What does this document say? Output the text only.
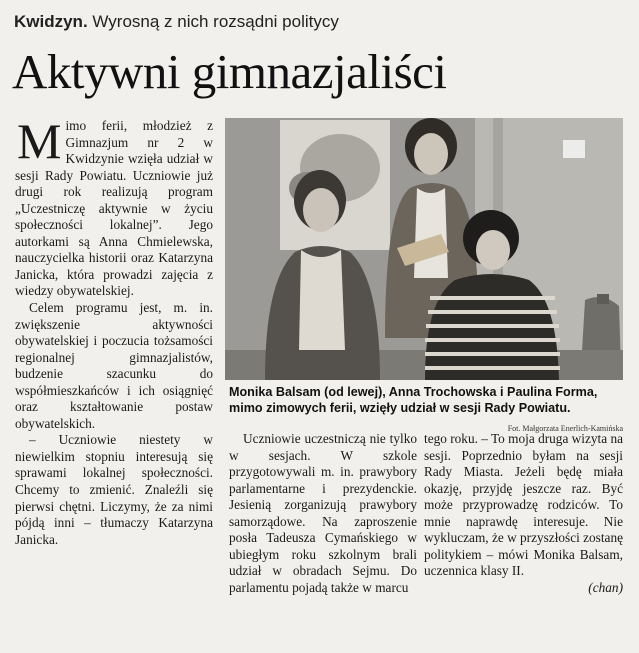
Kwidzyn. Wyrosną z nich rozsądni politycy
Aktywni gimnazjaliści

Mimo ferii, młodzież z Gimnazjum nr 2 w Kwidzynie wzięła udział w sesji Rady Powiatu. Uczniowie już drugi rok realizują program „Uczestniczę aktywnie w życiu społeczności lokalnej”. Jego autorkami są Anna Chmielewska, nauczycielka historii oraz Katarzyna Janicka, która prowadzi zajęcia z wiedzy obywatelskiej.

Celem programu jest, m. in. zwiększenie aktywności obywatelskiej i poczucia tożsamości regionalnej gimnazjalistów, budzenie szacunku do współmieszkańców i ich osiągnięć oraz kształtowanie postaw obywatelskich.

– Uczniowie niestety w niewielkim stopniu interesują się sprawami lokalnej społeczności. Chcemy to zmienić. Znaleźli się pierwsi chętni. Liczymy, że za nimi pójdą inni – tłumaczy Katarzyna Janicka.

Monika Balsam (od lewej), Anna Trochowska i Paulina Forma, mimo zimowych ferii, wzięły udział w sesji Rady Powiatu.
Fot. Małgorzata Enerlich-Kamińska

Uczniowie uczestniczą nie tylko w sesjach. W szkole przygotowywali m. in. prawybory parlamentarne i prezydenckie. Jesienią zorganizują prawybory samorządowe. Na zaproszenie posła Tadeusza Cymańskiego w ubiegłym roku szkolnym brali udział w obradach Sejmu. Do parlamentu pojadą także w marcu

tego roku. – To moja druga wizyta na sesji. Poprzednio byłam na sesji Rady Miasta. Jeżeli będę miała okazję, przyjdę jeszcze raz. Być może przyprowadzę rodziców. To mnie naprawdę interesuje. Nie wykluczam, że w przyszłości zostanę politykiem – mówi Monika Balsam, uczennica klasy II.

(chan)
